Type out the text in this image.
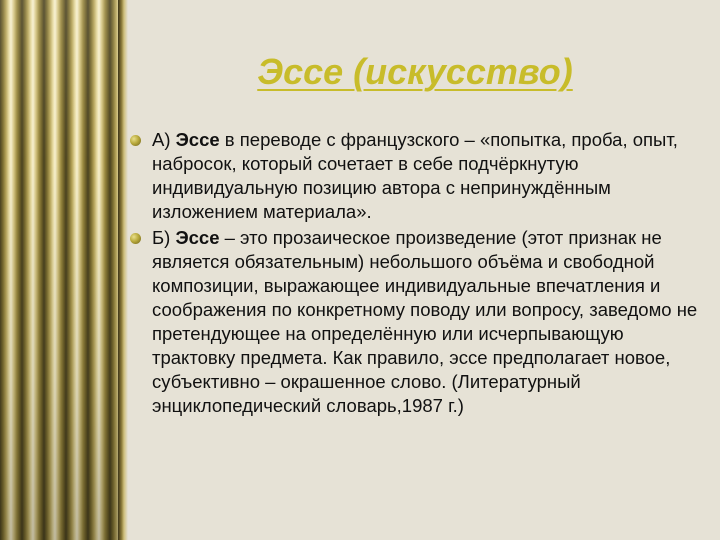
Эссе (искусство)
А) Эссе в переводе с французского – «попытка, проба, опыт, набросок, который сочетает в себе подчёркнутую индивидуальную позицию автора с непринуждённым изложением материала».
Б) Эссе – это прозаическое произведение (этот признак не является обязательным) небольшого объёма и свободной композиции, выражающее индивидуальные впечатления и соображения по конкретному поводу или вопросу, заведомо не претендующее на определённую или исчерпывающую трактовку предмета. Как правило, эссе предполагает новое, субъективно – окрашенное слово. (Литературный энциклопедический словарь,1987 г.)
